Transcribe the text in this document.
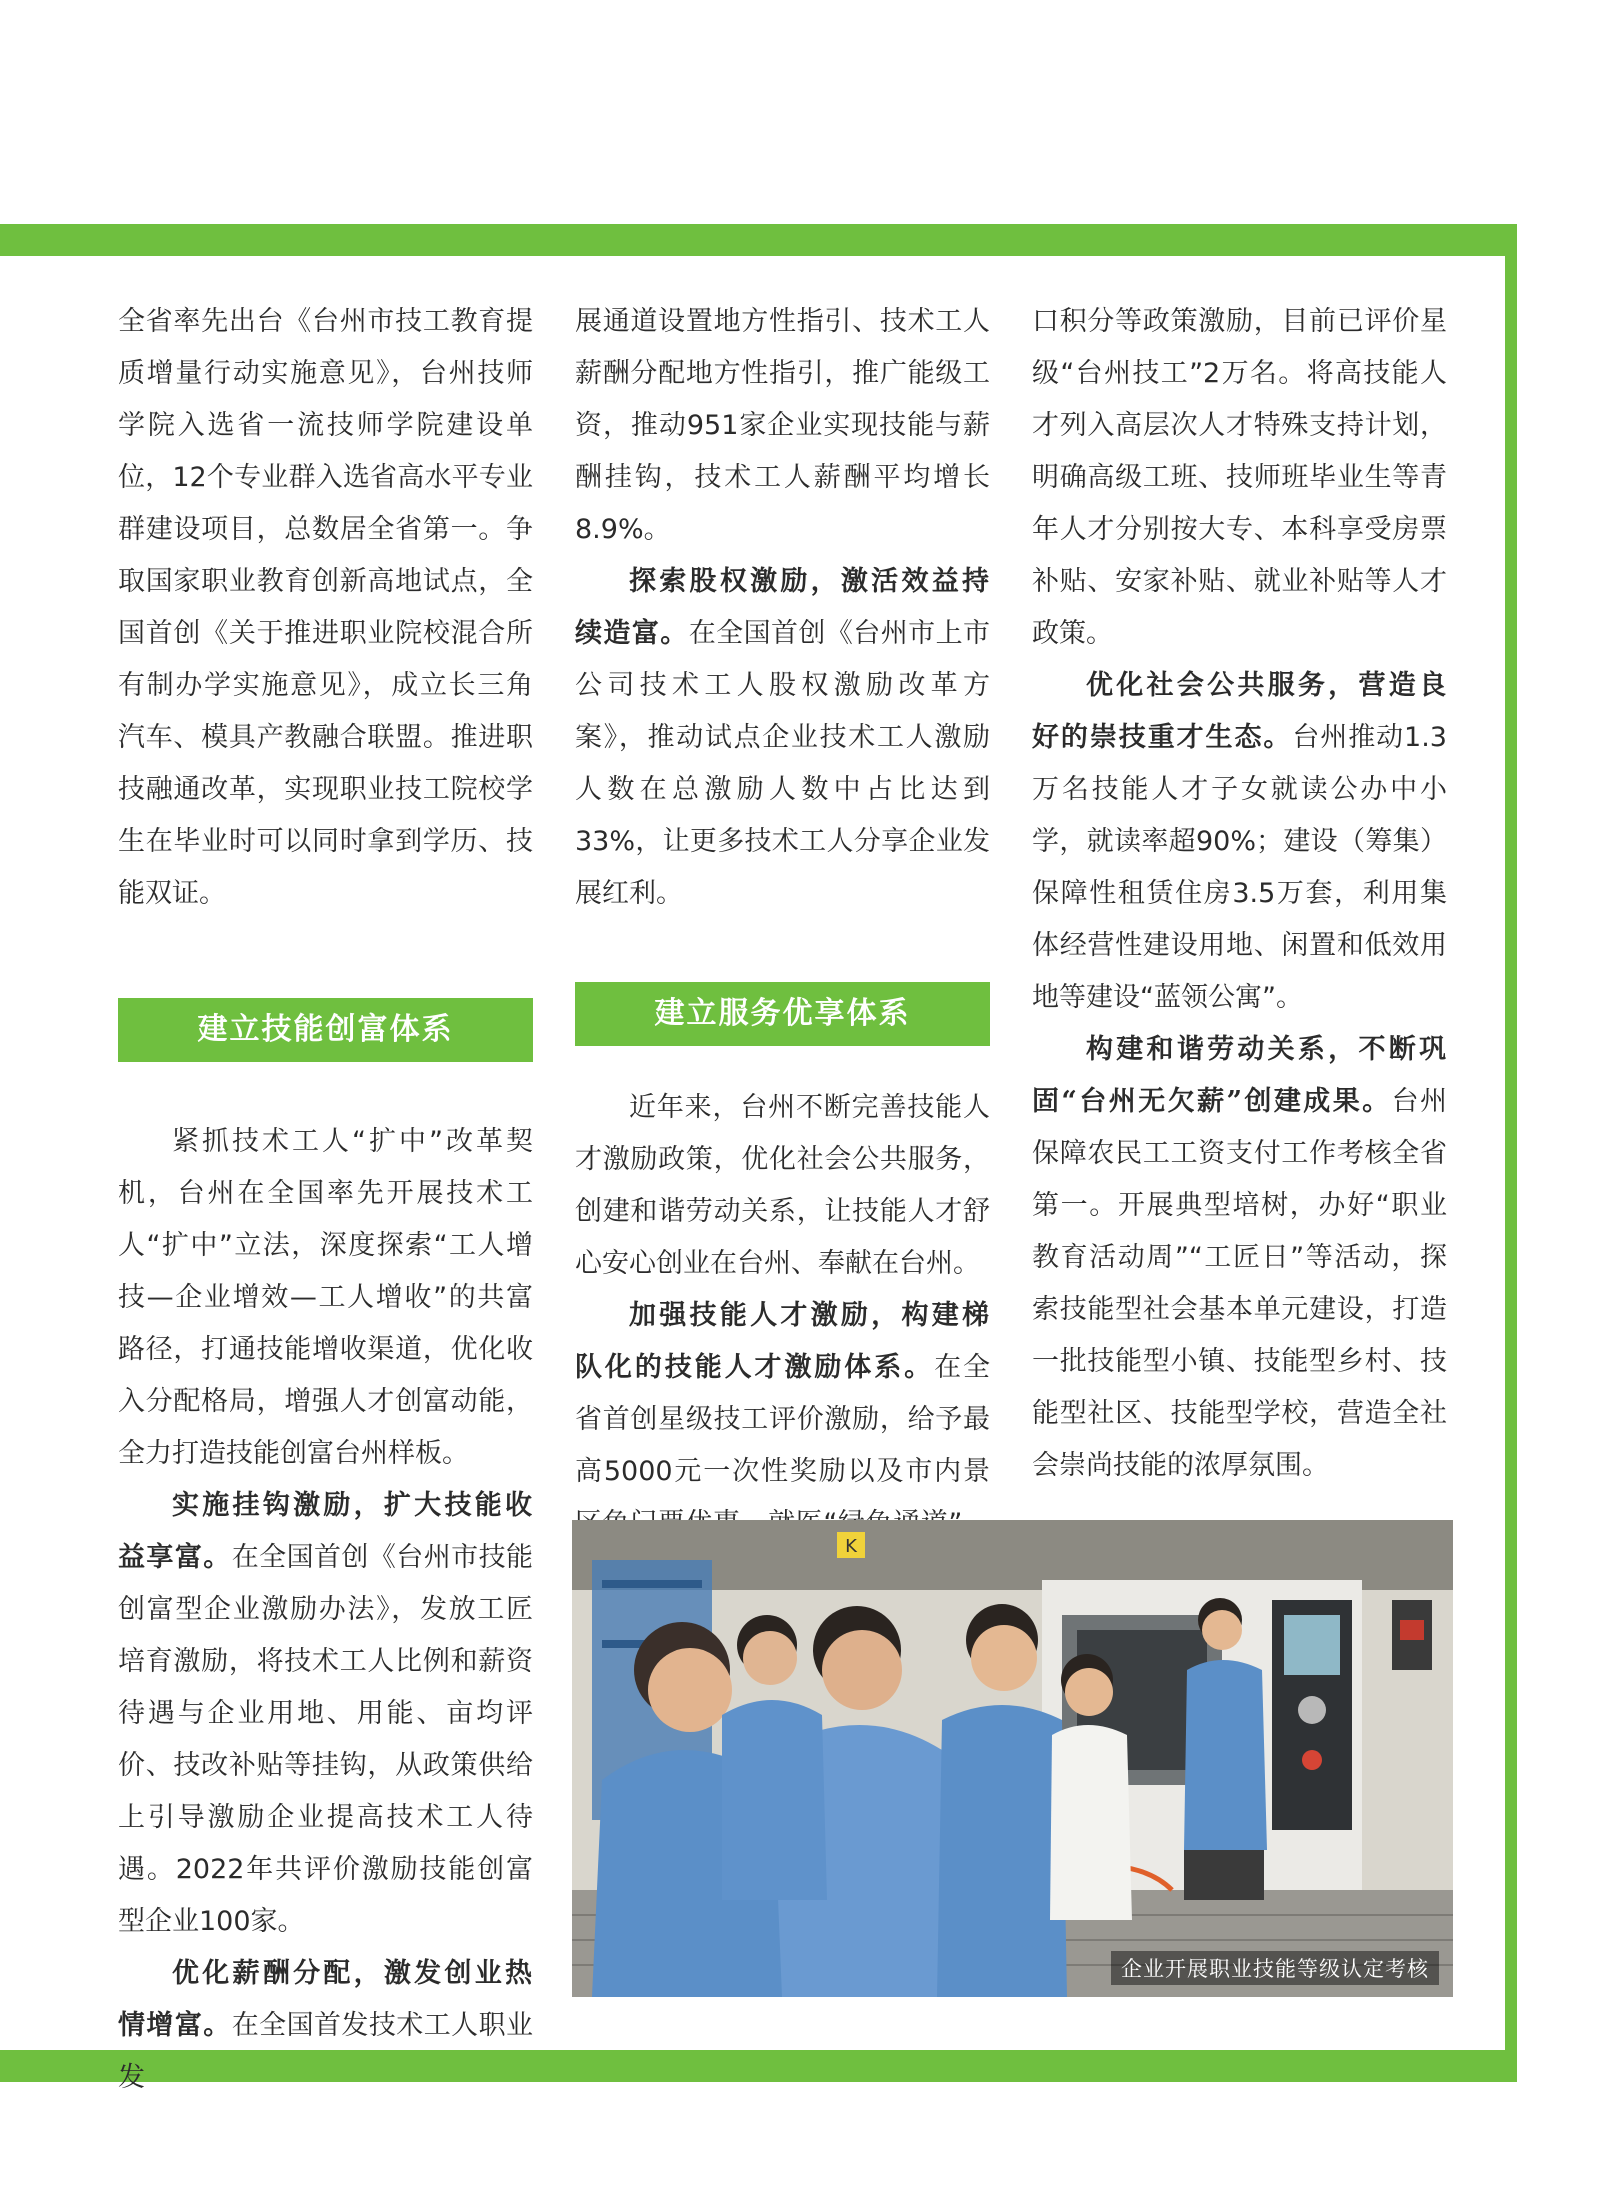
全省率先出台《台州市技工教育提质增量行动实施意见》，台州技师学院入选省一流技师学院建设单位，12个专业群入选省高水平专业群建设项目，总数居全省第一。争取国家职业教育创新高地试点，全国首创《关于推进职业院校混合所有制办学实施意见》，成立长三角汽车、模具产教融合联盟。推进职技融通改革，实现职业技工院校学生在毕业时可以同时拿到学历、技能双证。

建立技能创富体系

紧抓技术工人“扩中”改革契机，台州在全国率先开展技术工人“扩中”立法，深度探索“工人增技—企业增效—工人增收”的共富路径，打通技能增收渠道，优化收入分配格局，增强人才创富动能，全力打造技能创富台州样板。

实施挂钩激励，扩大技能收益享富。在全国首创《台州市技能创富型企业激励办法》，发放工匠培育激励，将技术工人比例和薪资待遇与企业用地、用能、亩均评价、技改补贴等挂钩，从政策供给上引导激励企业提高技术工人待遇。2022年共评价激励技能创富型企业100家。

优化薪酬分配，激发创业热情增富。在全国首发技术工人职业发

展通道设置地方性指引、技术工人薪酬分配地方性指引，推广能级工资，推动951家企业实现技能与薪酬挂钩，技术工人薪酬平均增长8.9%。

探索股权激励，激活效益持续造富。在全国首创《台州市上市公司技术工人股权激励改革方案》，推动试点企业技术工人激励人数在总激励人数中占比达到33%，让更多技术工人分享企业发展红利。

建立服务优享体系

近年来，台州不断完善技能人才激励政策，优化社会公共服务，创建和谐劳动关系，让技能人才舒心安心创业在台州、奉献在台州。

加强技能人才激励，构建梯队化的技能人才激励体系。在全省首创星级技工评价激励，给予最高5000元一次性奖励以及市内景

口积分等政策激励，目前已评价星级“台州技工”2万名。将高技能人才列入高层次人才特殊支持计划，明确高级工班、技师班毕业生等青年人才分别按大专、本科享受房票补贴、安家补贴、就业补贴等人才政策。

优化社会公共服务，营造良好的崇技重才生态。台州推动1.3万名技能人才子女就读公办中小学，就读率超90%；建设（筹集）保障性租赁住房3.5万套，利用集体经营性建设用地、闲置和低效用地等建设“蓝领公寓”。

构建和谐劳动关系，不断巩固“台州无欠薪”创建成果。台州保障农民工工资支付工作考核全省第一。开展典型培树，办好“职业教育活动周”“工匠日”等活动，探索技能型社会基本单元建设，打造一批技能型小镇、技能型乡村、技能型社区、技能型学校，营造全社会崇尚技能的浓厚氛围。

K
企业开展职业技能等级认定考核
